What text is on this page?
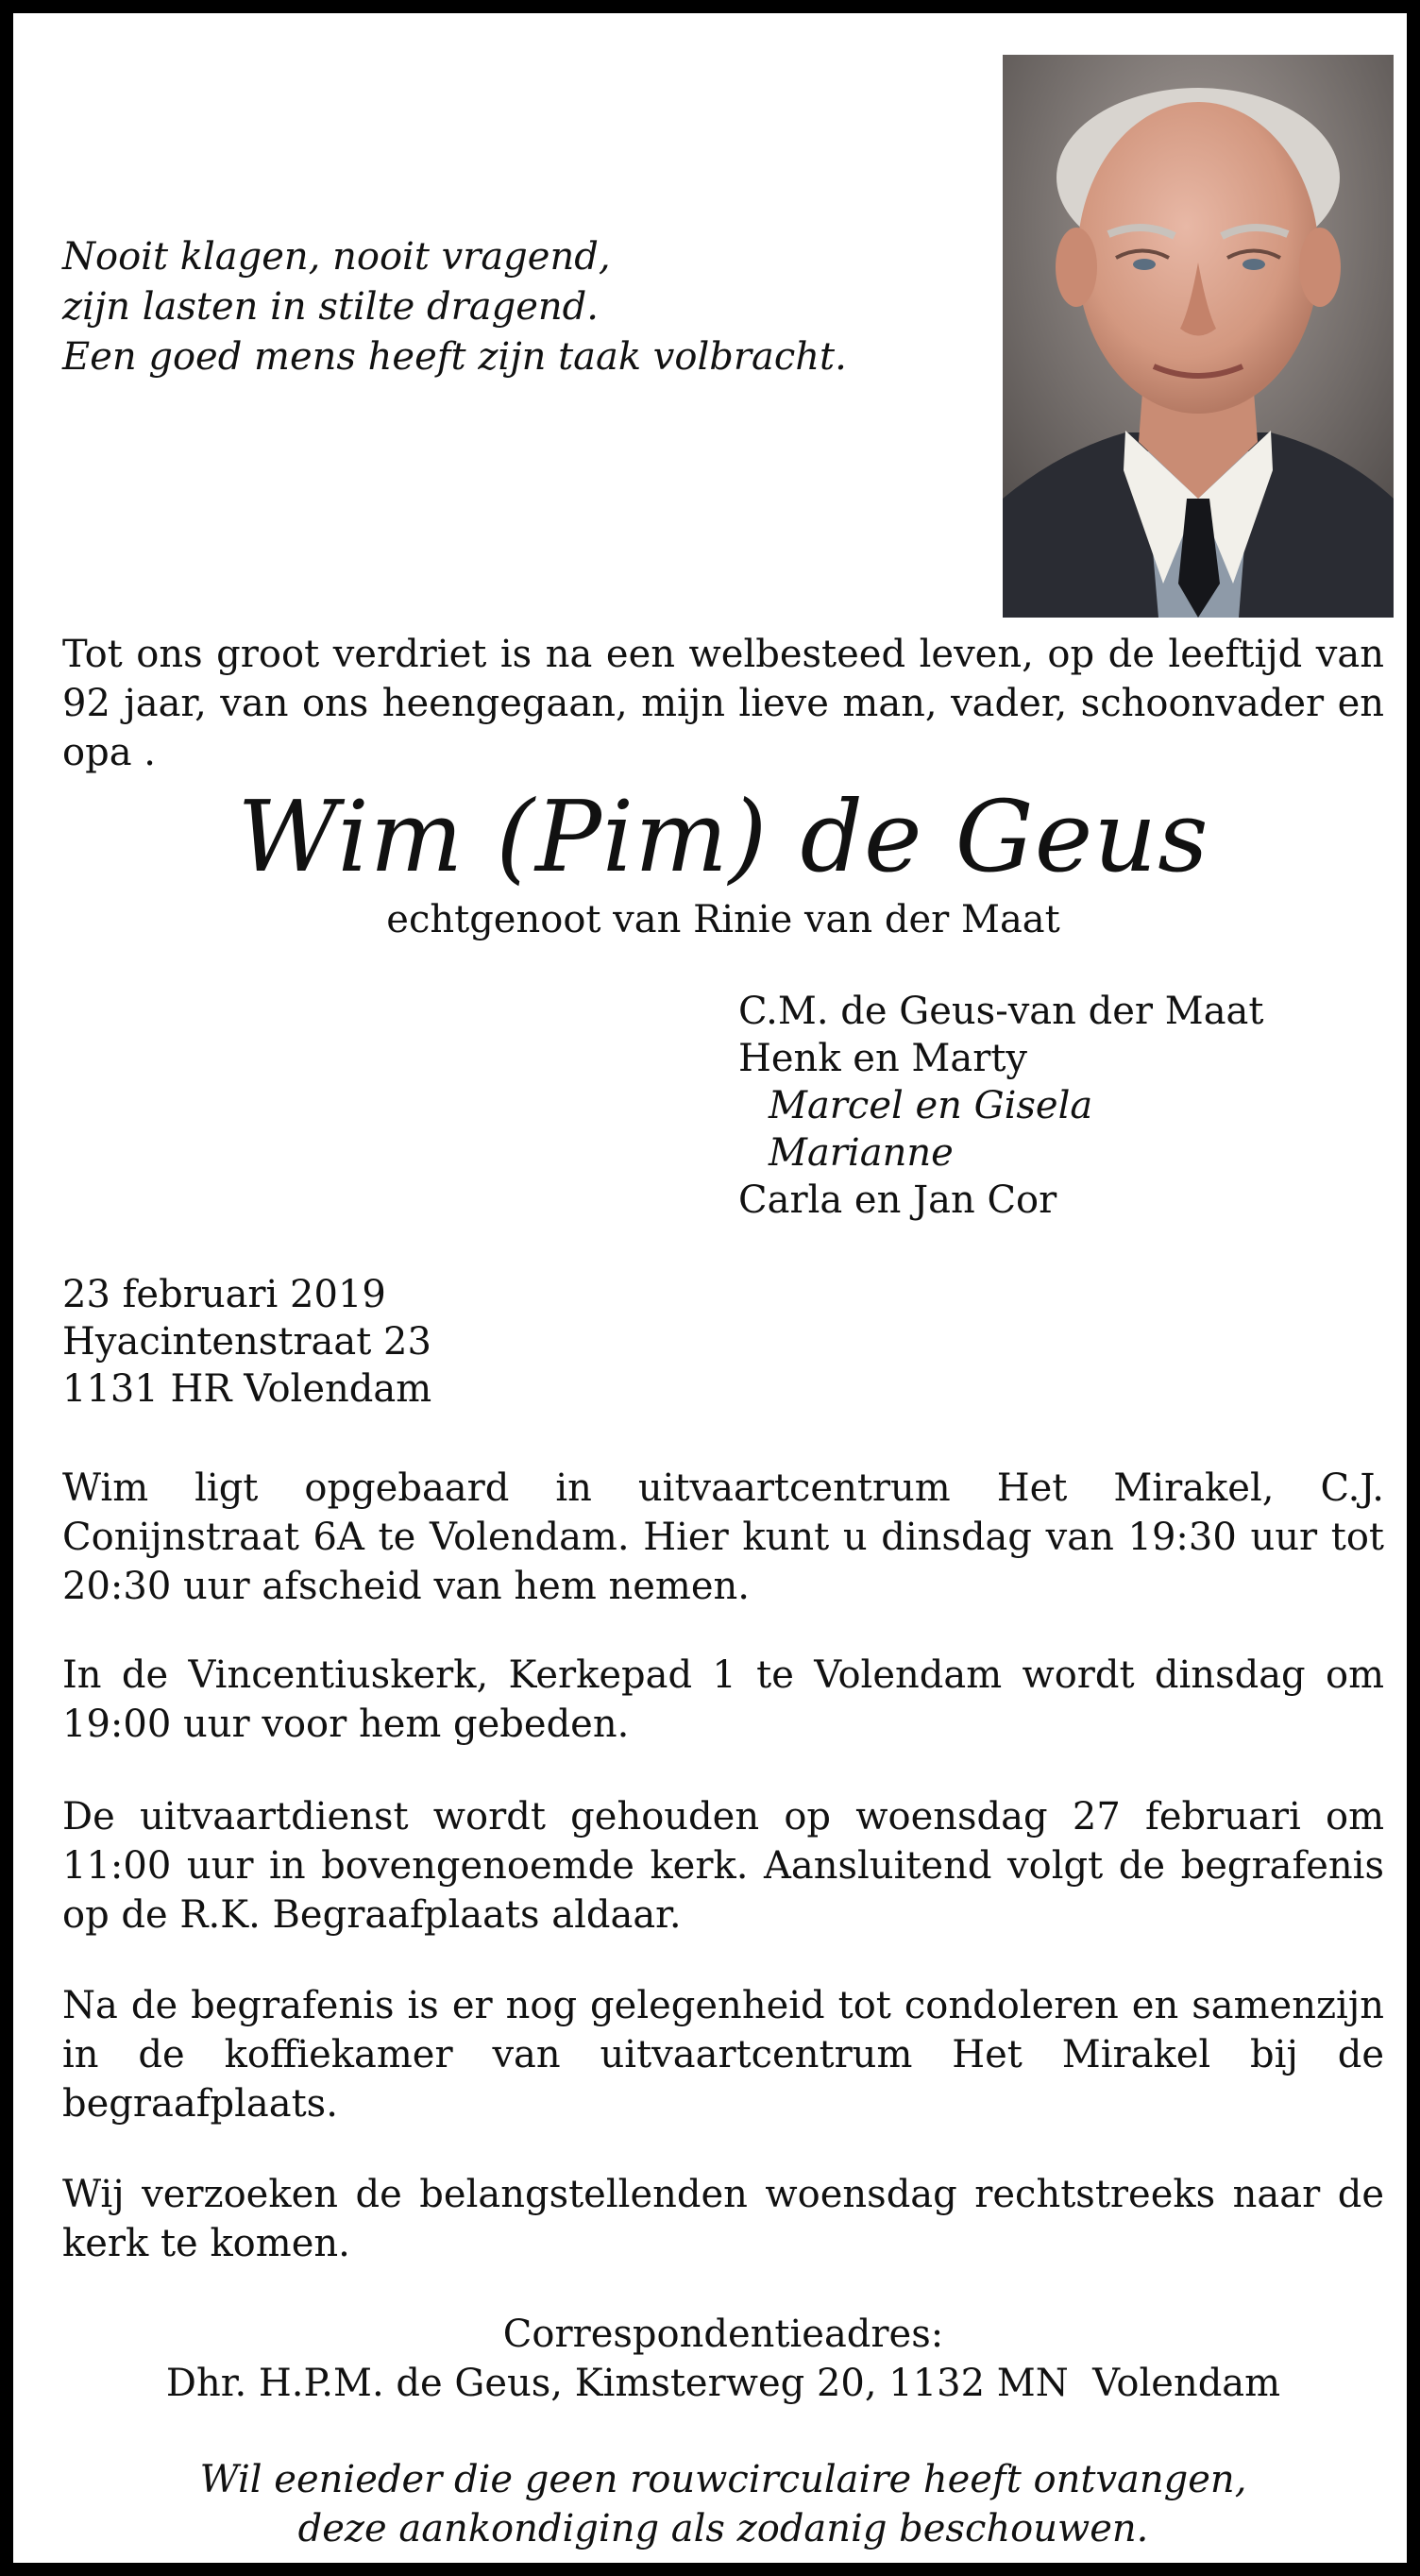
Nooit klagen, nooit vragend,
zijn lasten in stilte dragend.
Een goed mens heeft zijn taak volbracht.
Tot ons groot verdriet is na een welbesteed leven, op de leeftijd van 92 jaar, van ons heengegaan, mijn lieve man, vader, schoonvader en opa .
Wim (Pim) de Geus
echtgenoot van Rinie van der Maat
C.M. de Geus-van der Maat
Henk en Marty
Marcel en Gisela
Marianne
Carla en Jan Cor
23 februari 2019
Hyacintenstraat 23
1131 HR Volendam
Wim ligt opgebaard in uitvaartcentrum Het Mirakel, C.J. Conijnstraat 6A te Volendam. Hier kunt u dinsdag van 19:30 uur tot 20:30 uur afscheid van hem nemen.
In de Vincentiuskerk, Kerkepad 1 te Volendam wordt dinsdag om 19:00 uur voor hem gebeden.
De uitvaartdienst wordt gehouden op woensdag 27 februari om 11:00 uur in bovengenoemde kerk. Aansluitend volgt de begrafenis op de R.K. Begraafplaats aldaar.
Na de begrafenis is er nog gelegenheid tot condoleren en samenzijn in de koffiekamer van uitvaartcentrum Het Mirakel bij de begraafplaats.
Wij verzoeken de belangstellenden woensdag rechtstreeks naar de kerk te komen.
Correspondentieadres:
Dhr. H.P.M. de Geus, Kimsterweg 20, 1132 MN  Volendam
Wil eenieder die geen rouwcirculaire heeft ontvangen,
deze aankondiging als zodanig beschouwen.
